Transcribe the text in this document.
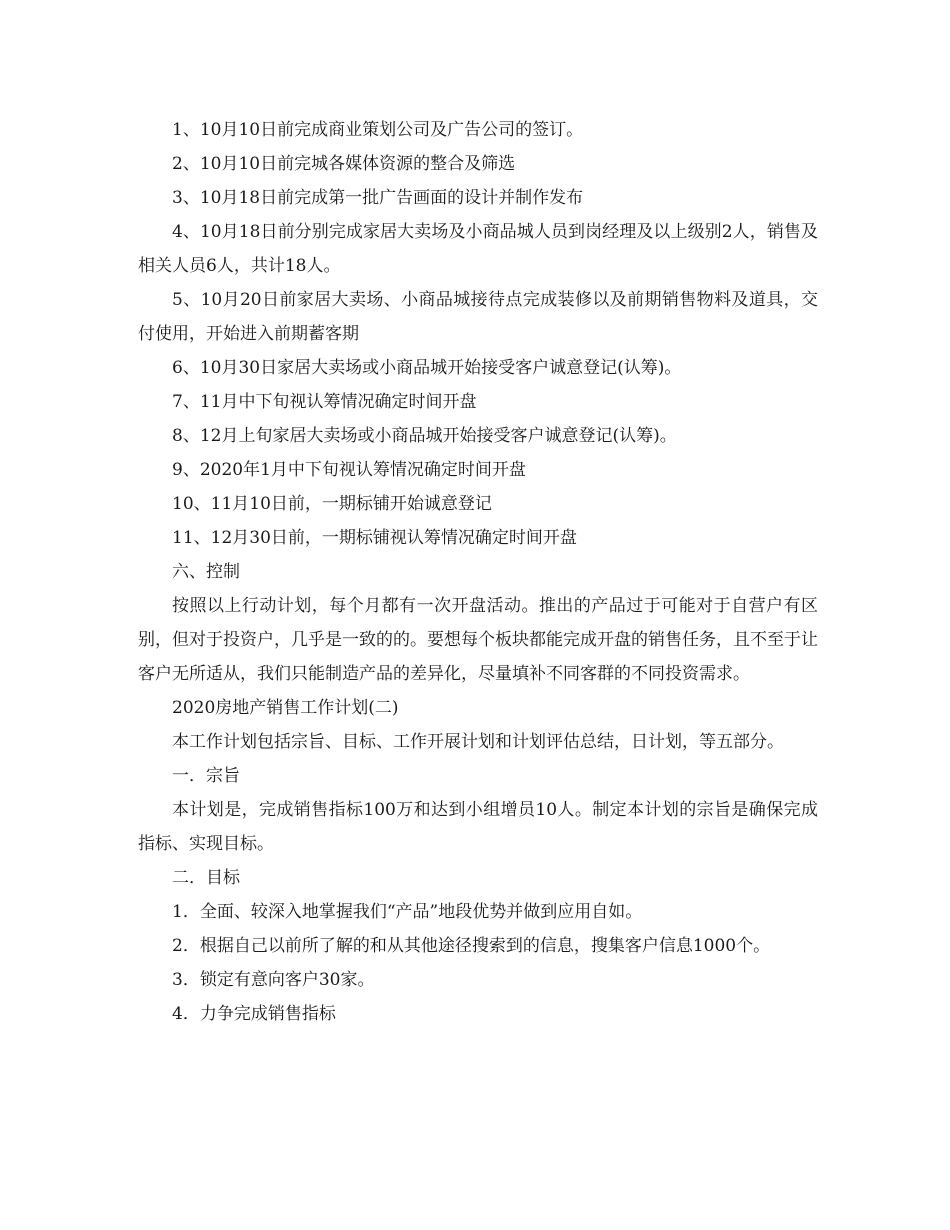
1、10月10日前完成商业策划公司及广告公司的签订。

2、10月10日前完城各媒体资源的整合及筛选

3、10月18日前完成第一批广告画面的设计并制作发布

4、10月18日前分别完成家居大卖场及小商品城人员到岗经理及以上级别2人，销售及相关人员6人，共计18人。

5、10月20日前家居大卖场、小商品城接待点完成装修以及前期销售物料及道具，交付使用，开始进入前期蓄客期

6、10月30日家居大卖场或小商品城开始接受客户诚意登记(认筹)。

7、11月中下旬视认筹情况确定时间开盘

8、12月上旬家居大卖场或小商品城开始接受客户诚意登记(认筹)。

9、2020年1月中下旬视认筹情况确定时间开盘

10、11月10日前，一期标铺开始诚意登记

11、12月30日前，一期标铺视认筹情况确定时间开盘

六、控制

按照以上行动计划，每个月都有一次开盘活动。推出的产品过于可能对于自营户有区别，但对于投资户，几乎是一致的的。要想每个板块都能完成开盘的销售任务，且不至于让客户无所适从，我们只能制造产品的差异化，尽量填补不同客群的不同投资需求。

2020房地产销售工作计划(二)

本工作计划包括宗旨、目标、工作开展计划和计划评估总结，日计划，等五部分。

一．宗旨

本计划是，完成销售指标100万和达到小组增员10人。制定本计划的宗旨是确保完成指标、实现目标。

二．目标

1．全面、较深入地掌握我们“产品”地段优势并做到应用自如。

2．根据自己以前所了解的和从其他途径搜索到的信息，搜集客户信息1000个。

3．锁定有意向客户30家。

4．力争完成销售指标
